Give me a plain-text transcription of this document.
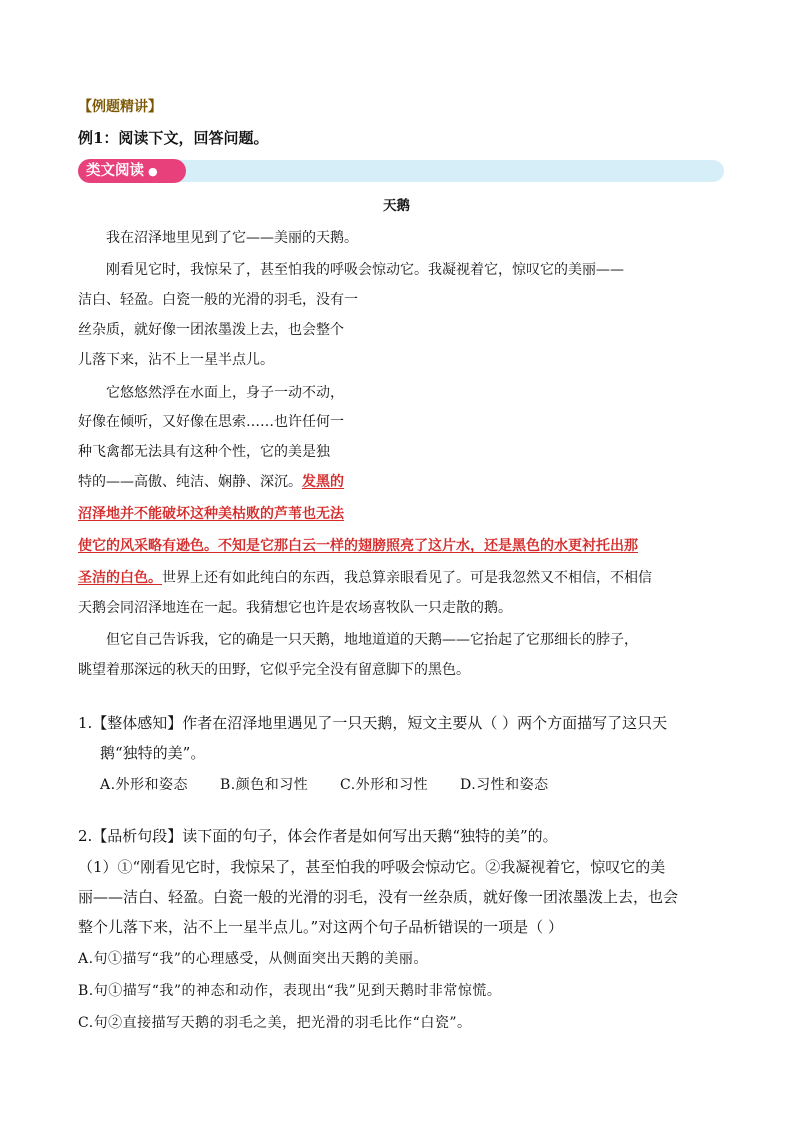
【例题精讲】
例1：阅读下文，回答问题。
类文阅读 ●
天鹅
我在沼泽地里见到了它——美丽的天鹅。
刚看见它时，我惊呆了，甚至怕我的呼吸会惊动它。我凝视着它，惊叹它的美丽——
洁白、轻盈。白瓷一般的光滑的羽毛，没有一
丝杂质，就好像一团浓墨泼上去，也会整个
儿落下来，沾不上一星半点儿。
它悠悠然浮在水面上，身子一动不动，
好像在倾听，又好像在思索……也许任何一
种飞禽都无法具有这种个性，它的美是独
特的——高傲、纯洁、娴静、深沉。发黑的
沼泽地并不能破坏这种美枯败的芦苇也无法
使它的风采略有逊色。不知是它那白云一样的翅膀照亮了这片水，还是黑色的水更衬托出那
圣洁的白色。世界上还有如此纯白的东西，我总算亲眼看见了。可是我忽然又不相信，不相信
天鹅会同沼泽地连在一起。我猜想它也许是农场喜牧队一只走散的鹅。
但它自己告诉我，它的确是一只天鹅，地地道道的天鹅——它抬起了它那细长的脖子，
眺望着那深远的秋天的田野，它似乎完全没有留意脚下的黑色。
1.【整体感知】作者在沼泽地里遇见了一只天鹅，短文主要从（ ）两个方面描写了这只天
鹅“独特的美”。
A.外形和姿态 B.颜色和习性 C.外形和习性 D.习性和姿态
2.【品析句段】读下面的句子，体会作者是如何写出天鹅“独特的美”的。
（1）①“刚看见它时，我惊呆了，甚至怕我的呼吸会惊动它。②我凝视着它，惊叹它的美
丽——洁白、轻盈。白瓷一般的光滑的羽毛，没有一丝杂质，就好像一团浓墨泼上去，也会
整个儿落下来，沾不上一星半点儿。”对这两个句子品析错误的一项是（ ）
A.句①描写“我”的心理感受，从侧面突出天鹅的美丽。
B.句①描写“我”的神态和动作，表现出“我”见到天鹅时非常惊慌。
C.句②直接描写天鹅的羽毛之美，把光滑的羽毛比作“白瓷”。
